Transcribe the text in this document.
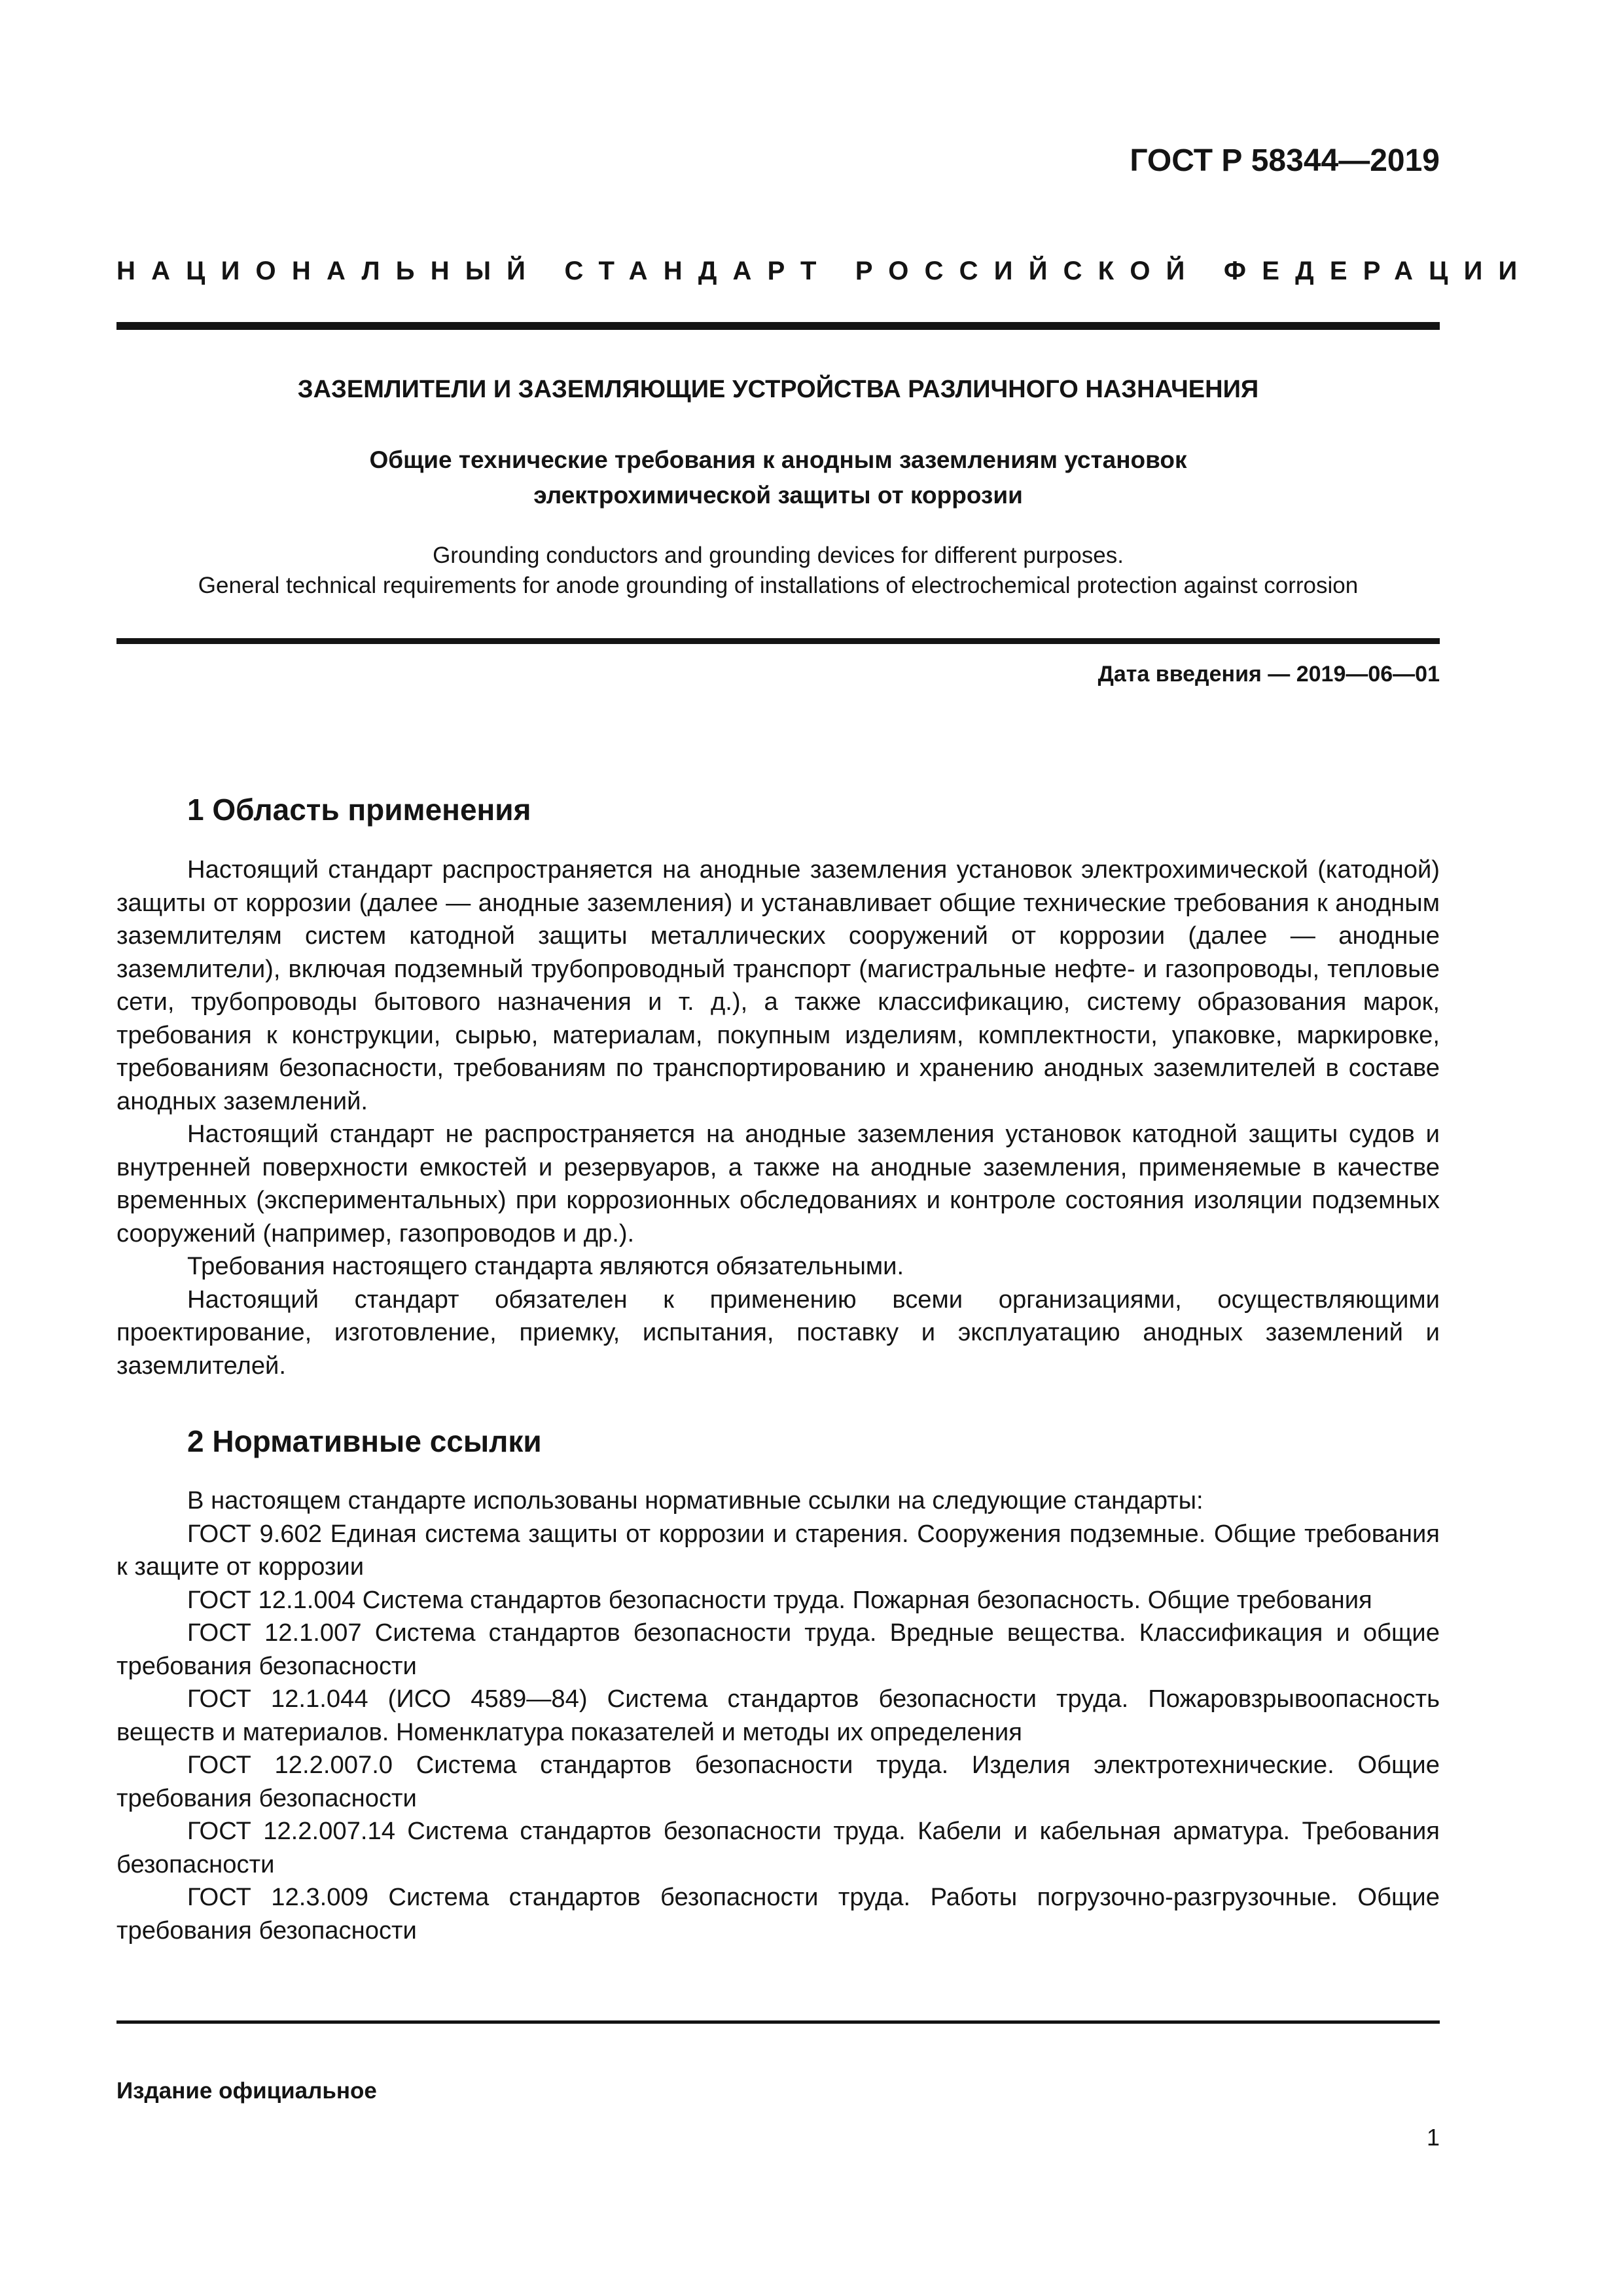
ГОСТ Р 58344—2019
НАЦИОНАЛЬНЫЙ СТАНДАРТ РОССИЙСКОЙ ФЕДЕРАЦИИ
ЗАЗЕМЛИТЕЛИ И ЗАЗЕМЛЯЮЩИЕ УСТРОЙСТВА РАЗЛИЧНОГО НАЗНАЧЕНИЯ
Общие технические требования к анодным заземлениям установок
электрохимической защиты от коррозии
Grounding conductors and grounding devices for different purposes.
General technical requirements for anode grounding of installations of electrochemical protection against corrosion
Дата введения — 2019—06—01
1 Область применения

Настоящий стандарт распространяется на анодные заземления установок электрохимической (катодной) защиты от коррозии (далее — анодные заземления) и устанавливает общие технические требования к анодным заземлителям систем катодной защиты металлических сооружений от коррозии (далее — анодные заземлители), включая подземный трубопроводный транспорт (магистральные нефте- и газопроводы, тепловые сети, трубопроводы бытового назначения и т. д.), а также классификацию, систему образования марок, требования к конструкции, сырью, материалам, покупным изделиям, комплектности, упаковке, маркировке, требованиям безопасности, требованиям по транспортированию и хранению анодных заземлителей в составе анодных заземлений.

Настоящий стандарт не распространяется на анодные заземления установок катодной защиты судов и внутренней поверхности емкостей и резервуаров, а также на анодные заземления, применяемые в качестве временных (экспериментальных) при коррозионных обследованиях и контроле состояния изоляции подземных сооружений (например, газопроводов и др.).

Требования настоящего стандарта являются обязательными.

Настоящий стандарт обязателен к применению всеми организациями, осуществляющими проектирование, изготовление, приемку, испытания, поставку и эксплуатацию анодных заземлений и заземлителей.

2 Нормативные ссылки

В настоящем стандарте использованы нормативные ссылки на следующие стандарты:

ГОСТ 9.602 Единая система защиты от коррозии и старения. Сооружения подземные. Общие требования к защите от коррозии

ГОСТ 12.1.004 Система стандартов безопасности труда. Пожарная безопасность. Общие требования

ГОСТ 12.1.007 Система стандартов безопасности труда. Вредные вещества. Классификация и общие требования безопасности

ГОСТ 12.1.044 (ИСО 4589—84) Система стандартов безопасности труда. Пожаровзрывоопасность веществ и материалов. Номенклатура показателей и методы их определения

ГОСТ 12.2.007.0 Система стандартов безопасности труда. Изделия электротехнические. Общие требования безопасности

ГОСТ 12.2.007.14 Система стандартов безопасности труда. Кабели и кабельная арматура. Требования безопасности

ГОСТ 12.3.009 Система стандартов безопасности труда. Работы погрузочно-разгрузочные. Общие требования безопасности

Издание официальное
1
